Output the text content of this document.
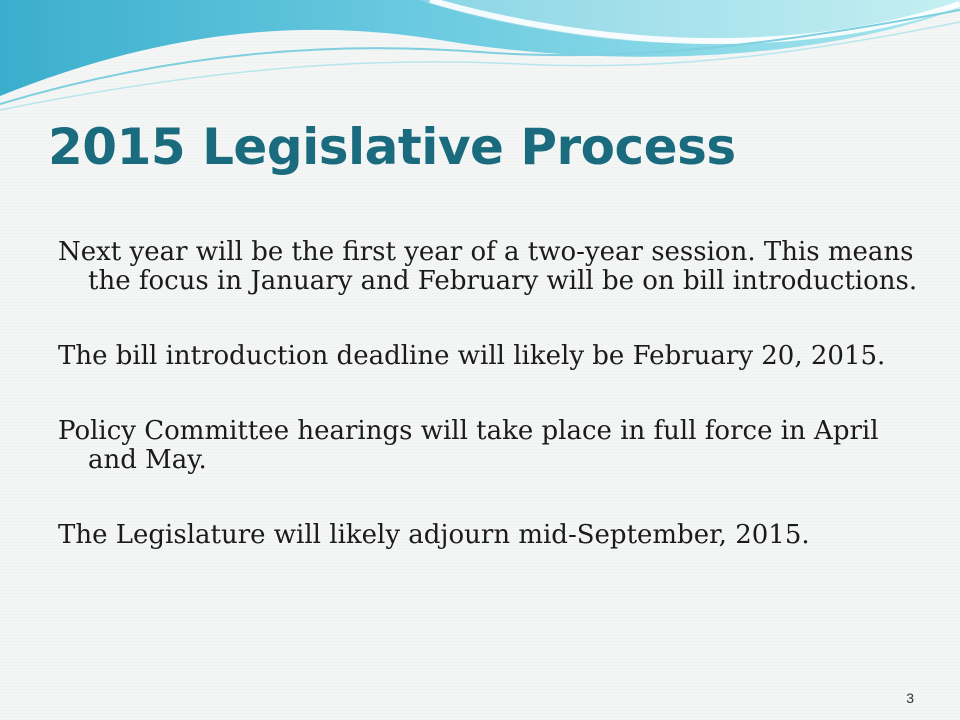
2015 Legislative Process
Next year will be the first year of a two-year session. This means the focus in January and February will be on bill introductions.
The bill introduction deadline will likely be February 20, 2015.
Policy Committee hearings will take place in full force in April and May.
The Legislature will likely adjourn mid-September, 2015.
3
